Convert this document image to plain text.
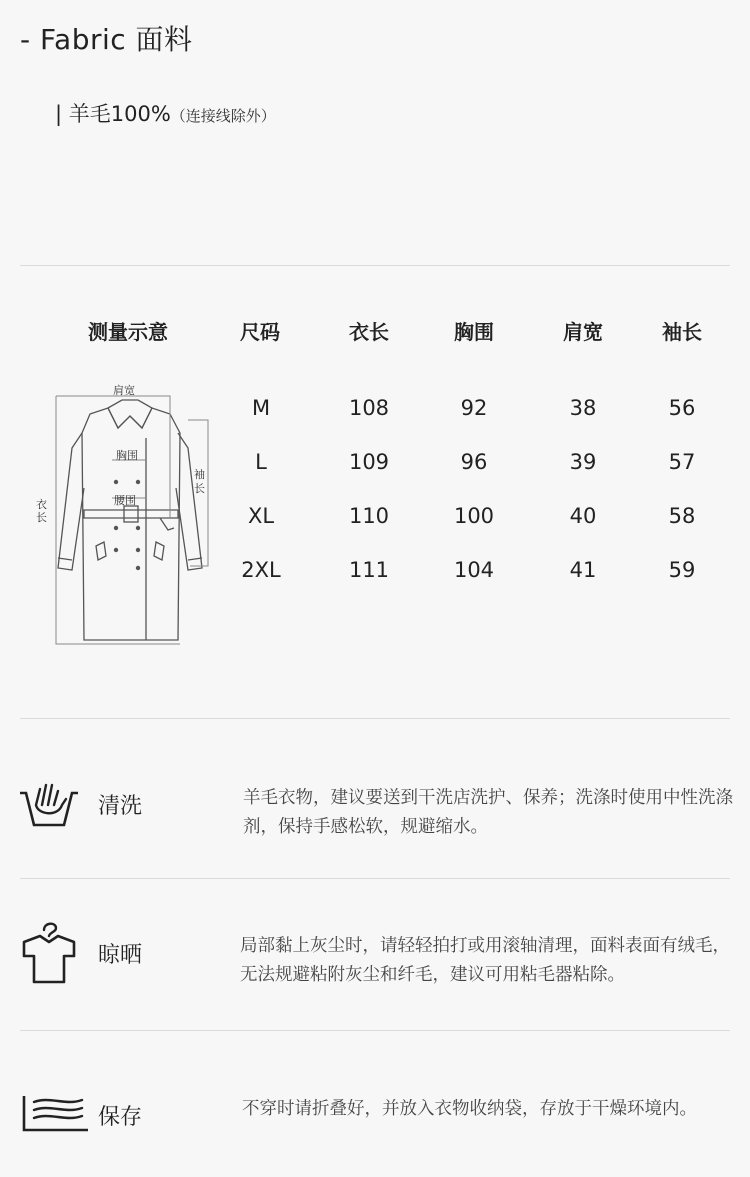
- Fabric 面料
| 羊毛100%（连接线除外）
测量示意	尺码	衣长	胸围	肩宽	袖长
M	108	92	38	56
L	109	96	39	57
XL	110	100	40	58
2XL	111	104	41	59
肩宽
胸围
腰围
衣长
袖长
清洗	羊毛衣物，建议要送到干洗店洗护、保养；洗涤时使用中性洗涤剂，保持手感松软，规避缩水。
晾晒	局部黏上灰尘时，请轻轻拍打或用滚轴清理，面料表面有绒毛，无法规避粘附灰尘和纤毛，建议可用粘毛器粘除。
保存	不穿时请折叠好，并放入衣物收纳袋，存放于干燥环境内。
